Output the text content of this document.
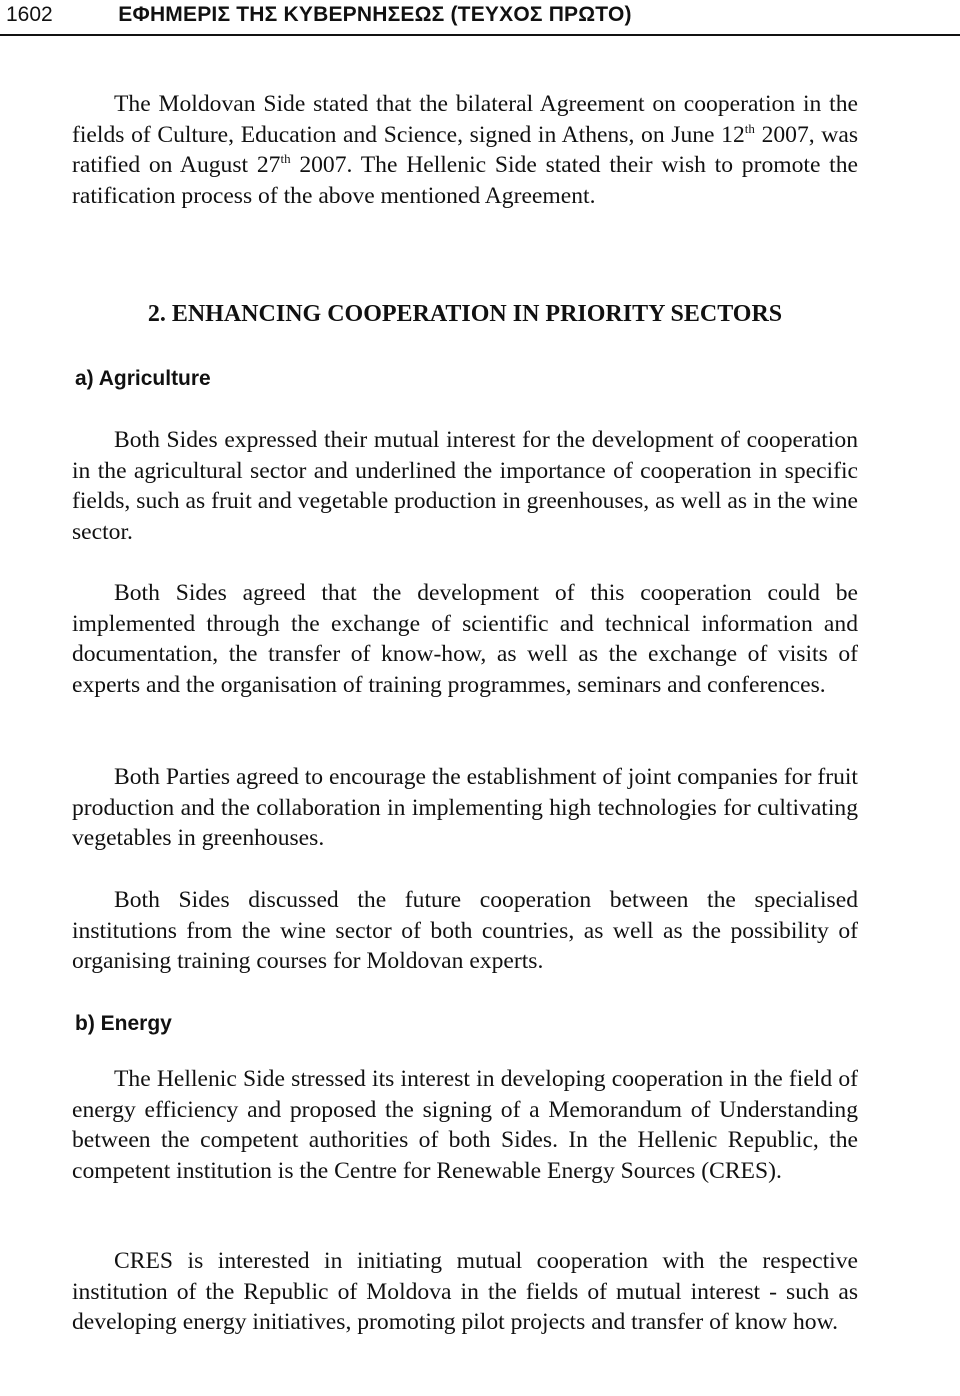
1602	ΕΦΗΜΕΡΙΣ ΤΗΣ ΚΥΒΕΡΝΗΣΕΩΣ (ΤΕΥΧΟΣ ΠΡΩΤΟ)

The Moldovan Side stated that the bilateral Agreement on cooperation in the fields of Culture, Education and Science, signed in Athens, on June 12th 2007, was ratified on August 27th 2007. The Hellenic Side stated their wish to promote the ratification process of the above mentioned Agreement.

2. ENHANCING COOPERATION IN PRIORITY SECTORS
a) Agriculture

Both Sides expressed their mutual interest for the development of cooperation in the agricultural sector and underlined the importance of cooperation in specific fields, such as fruit and vegetable production in greenhouses, as well as in the wine sector.

Both Sides agreed that the development of this cooperation could be implemented through the exchange of scientific and technical information and documentation, the transfer of know-how, as well as the exchange of visits of experts and the organisation of training programmes, seminars and conferences.

Both Parties agreed to encourage the establishment of joint companies for fruit production and the collaboration in implementing high technologies for cultivating vegetables in greenhouses.

Both Sides discussed the future cooperation between the specialised institutions from the wine sector of both countries, as well as the possibility of organising training courses for Moldovan experts.

b) Energy

The Hellenic Side stressed its interest in developing cooperation in the field of energy efficiency and proposed the signing of a Memorandum of Understanding between the competent authorities of both Sides. In the Hellenic Republic, the competent institution is the Centre for Renewable Energy Sources (CRES).

CRES is interested in initiating mutual cooperation with the respective institution of the Republic of Moldova in the fields of mutual interest - such as developing energy initiatives, promoting pilot projects and transfer of know how.
